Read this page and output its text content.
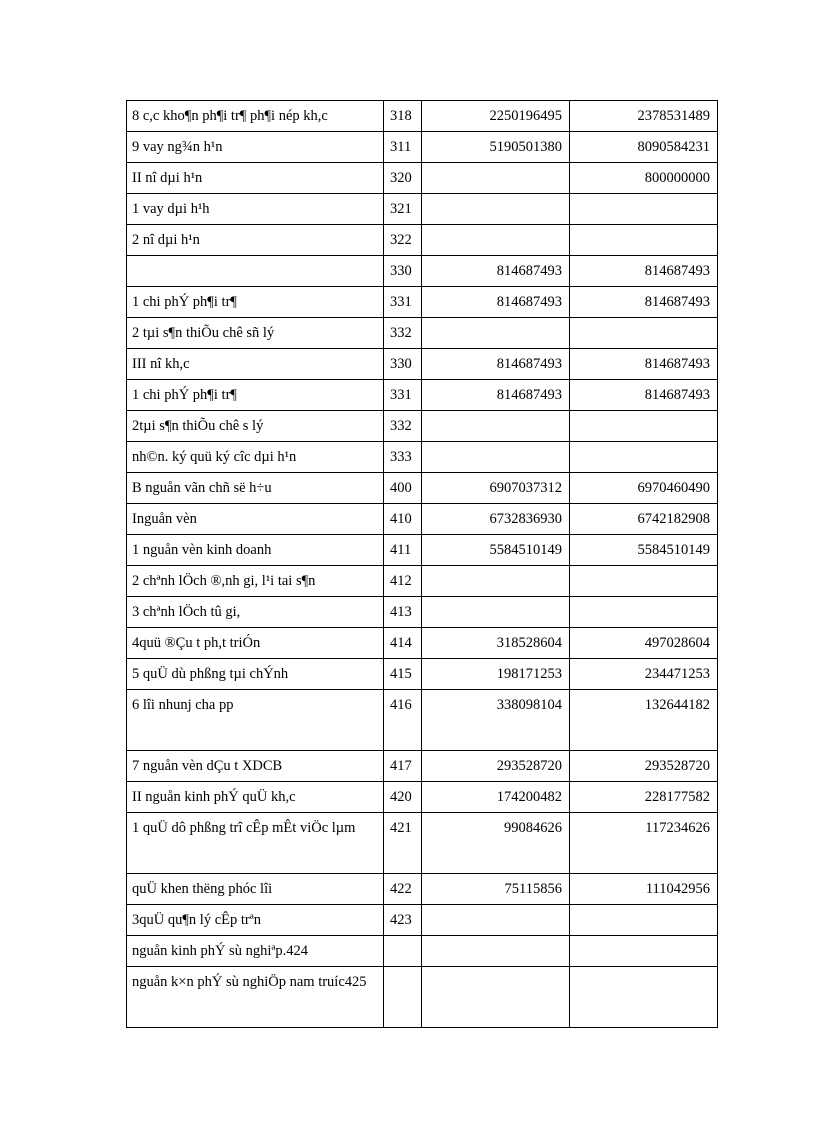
8 c,c kho¶n ph¶i tr¶ ph¶i nép kh,c	318	2250196495	2378531489
9 vay ng¾n h¹n	311	5190501380	8090584231
II nî dµi h¹n	320		800000000
1 vay dµi h¹h	321		
2 nî dµi h¹n	322		
	330	814687493	814687493
1 chi phÝ ph¶i tr¶	331	814687493	814687493
2 tµi s¶n thiÕu chê sñ lý	332		
III nî kh,c	330	814687493	814687493
1 chi phÝ ph¶i tr¶	331	814687493	814687493
2tµi s¶n thiÕu chê s lý	332		
nh©n. ký quü ký cîc dµi h¹n	333		
B nguån vãn chñ së h÷u	400	6907037312	6970460490
Inguån vèn	410	6732836930	6742182908
1 nguån vèn kinh doanh	411	5584510149	5584510149
2 chªnh lÖch ®,nh gi, l¹i tai s¶n	412		
3 chªnh lÖch tû gi,	413		
4quü ®Çu t ph,t triÓn	414	318528604	497028604
5 quÜ dù phßng tµi chÝnh	415	198171253	234471253
6 lîi nhunj cha pp	416	338098104	132644182
7 nguån vèn dÇu t XDCB	417	293528720	293528720
II nguån kinh phÝ quÜ kh,c	420	174200482	228177582
1 quÜ dô phßng trî cÊp mÊt viÖc lµm	421	99084626	117234626
quÜ khen thëng phóc lîi	422	75115856	111042956
3quÜ qu¶n lý cÊp trªn	423		
nguån kinh phÝ sù nghiªp.424			
nguån k×n phÝ sù nghiÖp nam truíc425			
